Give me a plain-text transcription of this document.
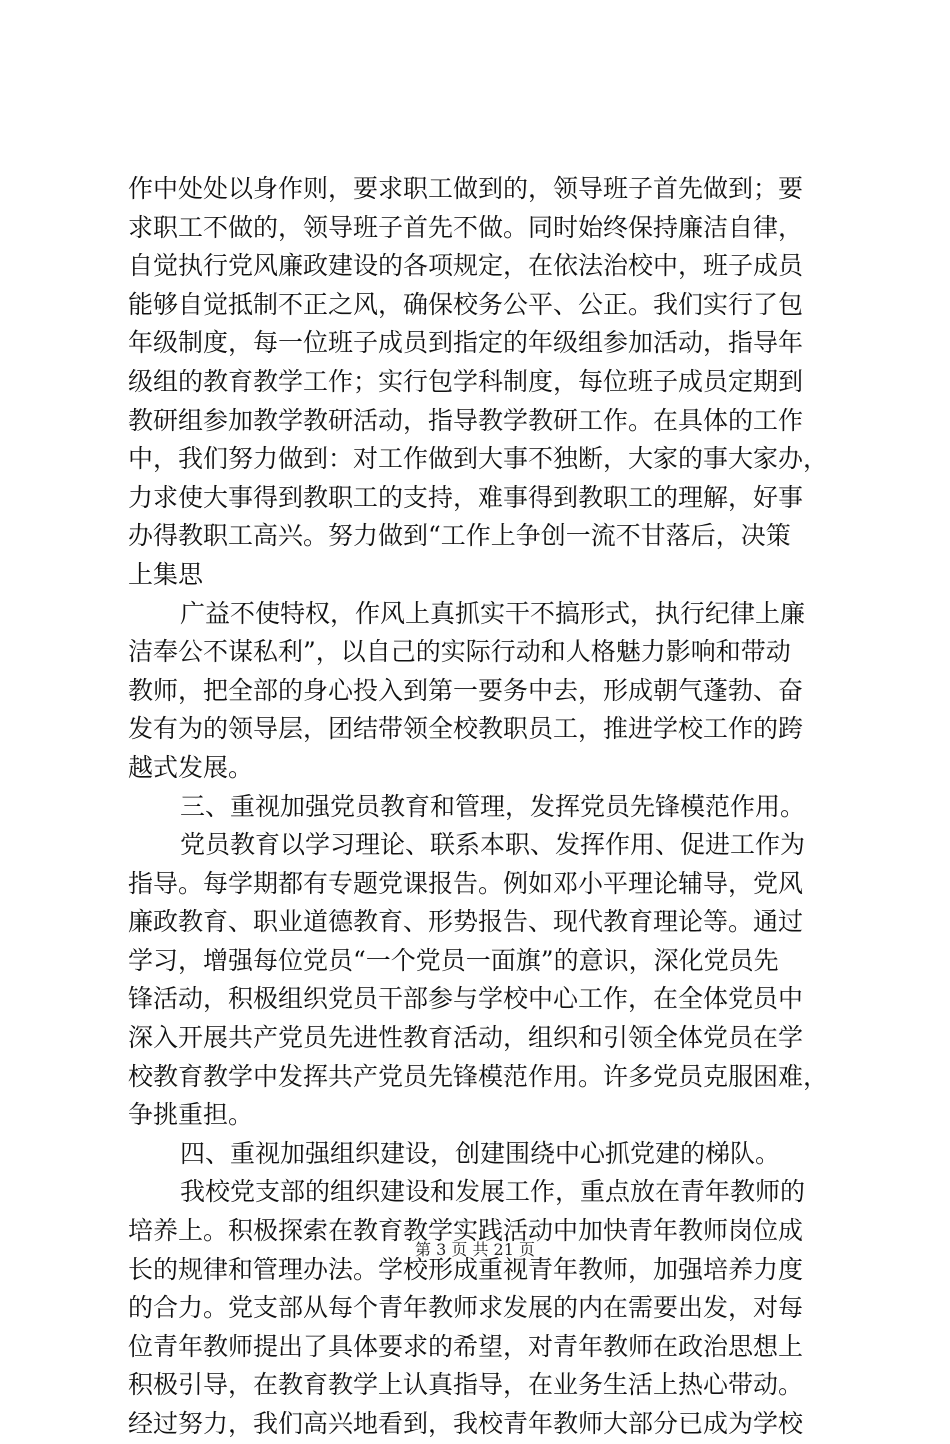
作中处处以身作则，要求职工做到的，领导班子首先做到；要
求职工不做的，领导班子首先不做。同时始终保持廉洁自律，
自觉执行党风廉政建设的各项规定，在依法治校中，班子成员
能够自觉抵制不正之风，确保校务公平、公正。我们实行了包
年级制度，每一位班子成员到指定的年级组参加活动，指导年
级组的教育教学工作；实行包学科制度，每位班子成员定期到
教研组参加教学教研活动，指导教学教研工作。在具体的工作
中，我们努力做到：对工作做到大事不独断，大家的事大家办，
力求使大事得到教职工的支持，难事得到教职工的理解，好事
办得教职工高兴。努力做到“工作上争创一流不甘落后，决策
上集思
广益不使特权，作风上真抓实干不搞形式，执行纪律上廉
洁奉公不谋私利”，以自己的实际行动和人格魅力影响和带动
教师，把全部的身心投入到第一要务中去，形成朝气蓬勃、奋
发有为的领导层，团结带领全校教职员工，推进学校工作的跨
越式发展。
三、重视加强党员教育和管理，发挥党员先锋模范作用。
党员教育以学习理论、联系本职、发挥作用、促进工作为
指导。每学期都有专题党课报告。例如邓小平理论辅导，党风
廉政教育、职业道德教育、形势报告、现代教育理论等。通过
学习，增强每位党员“一个党员一面旗”的意识，深化党员先
锋活动，积极组织党员干部参与学校中心工作，在全体党员中
深入开展共产党员先进性教育活动，组织和引领全体党员在学
校教育教学中发挥共产党员先锋模范作用。许多党员克服困难，
争挑重担。
四、重视加强组织建设，创建围绕中心抓党建的梯队。
我校党支部的组织建设和发展工作，重点放在青年教师的
培养上。积极探索在教育教学实践活动中加快青年教师岗位成
长的规律和管理办法。学校形成重视青年教师，加强培养力度
的合力。党支部从每个青年教师求发展的内在需要出发，对每
位青年教师提出了具体要求的希望，对青年教师在政治思想上
积极引导，在教育教学上认真指导，在业务生活上热心带动。
经过努力，我们高兴地看到，我校青年教师大部分已成为学校
第 3 页 共 21 页
